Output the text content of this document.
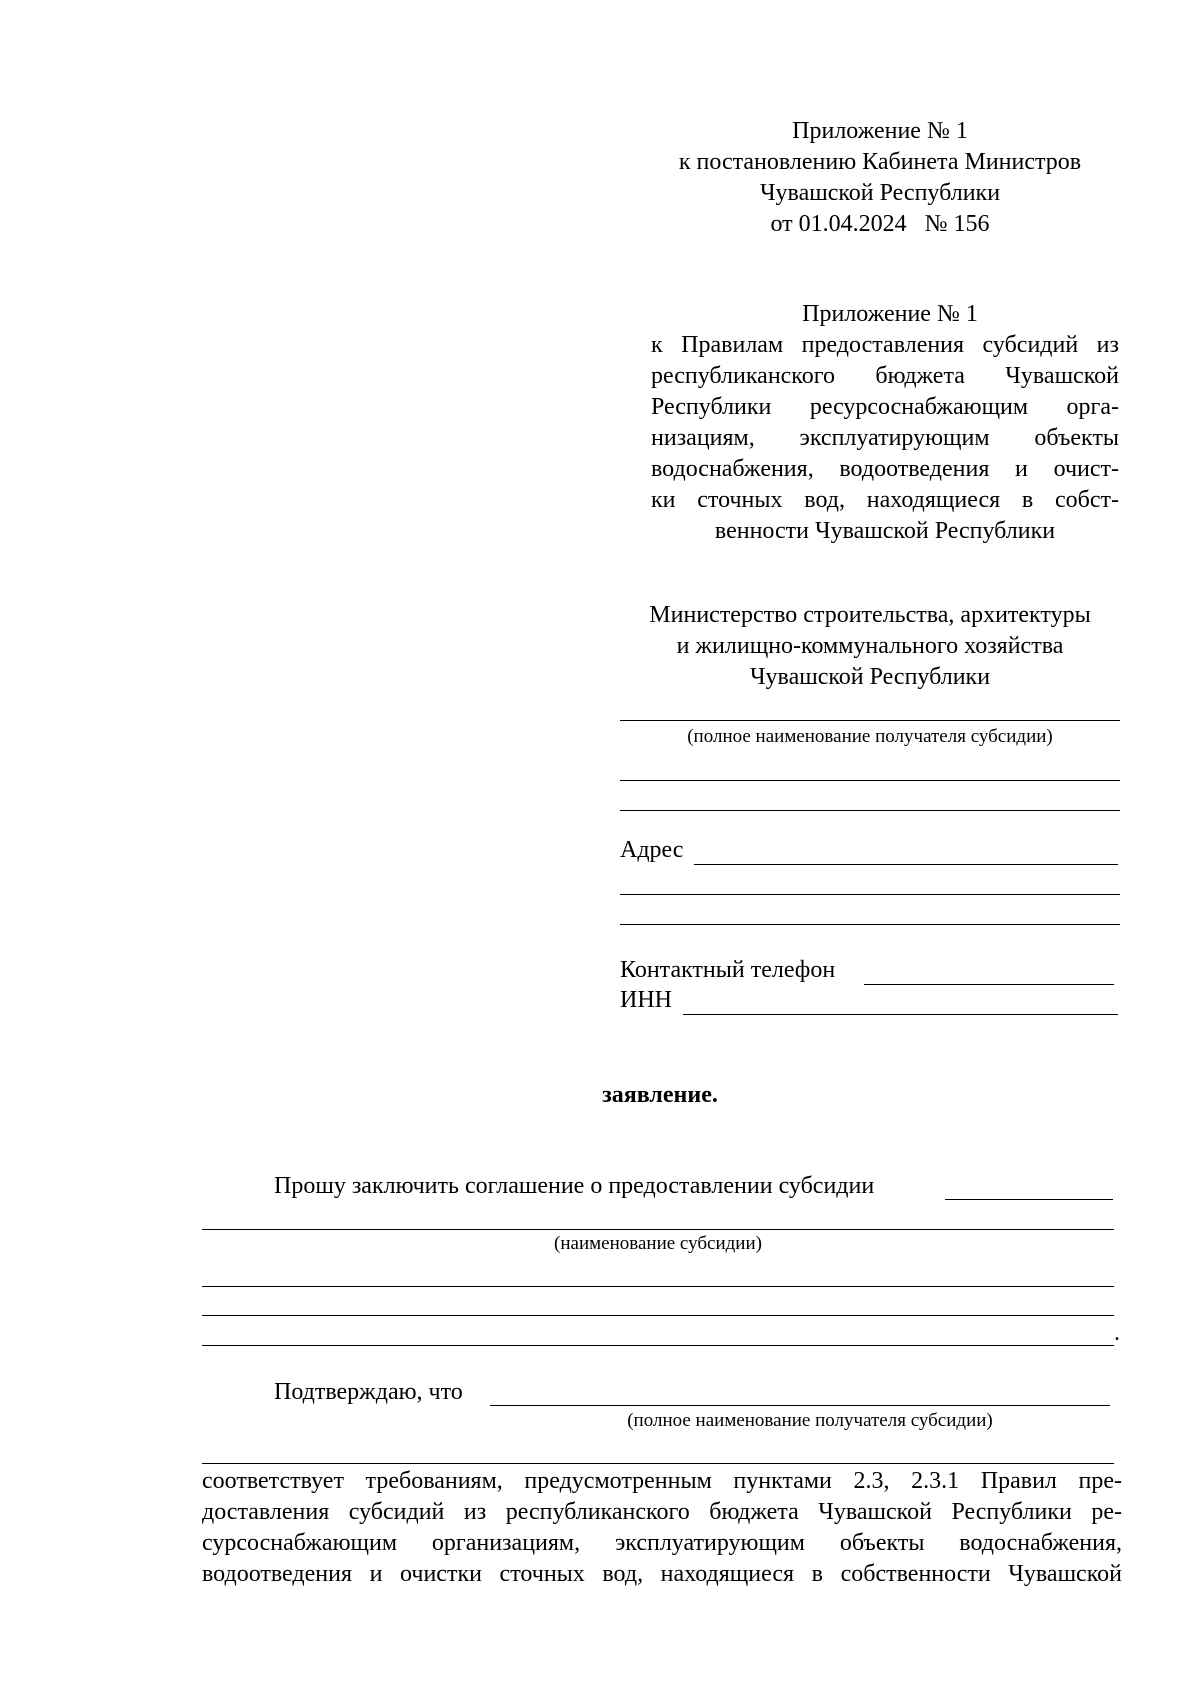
Приложение № 1
к постановлению Кабинета Министров
Чувашской Республики
от 01.04.2024   № 156
Приложение № 1
к Правилам предоставления субсидий из
республиканского бюджета Чувашской
Республики ресурсоснабжающим орга-
низациям, эксплуатирующим объекты
водоснабжения, водоотведения и очист-
ки сточных вод, находящиеся в собст-
венности Чувашской Республики
Министерство строительства, архитектуры
и жилищно-коммунального хозяйства
Чувашской Республики
(полное наименование получателя субсидии)
Адрес
Контактный телефон
ИНН
заявление.
Прошу заключить соглашение о предоставлении субсидии
(наименование субсидии)
.
Подтверждаю, что
(полное наименование получателя субсидии)
соответствует требованиям, предусмотренным пунктами 2.3, 2.3.1 Правил пре-
доставления субсидий из республиканского бюджета Чувашской Республики ре-
сурсоснабжающим организациям, эксплуатирующим объекты водоснабжения,
водоотведения и очистки сточных вод, находящиеся в собственности Чувашской
